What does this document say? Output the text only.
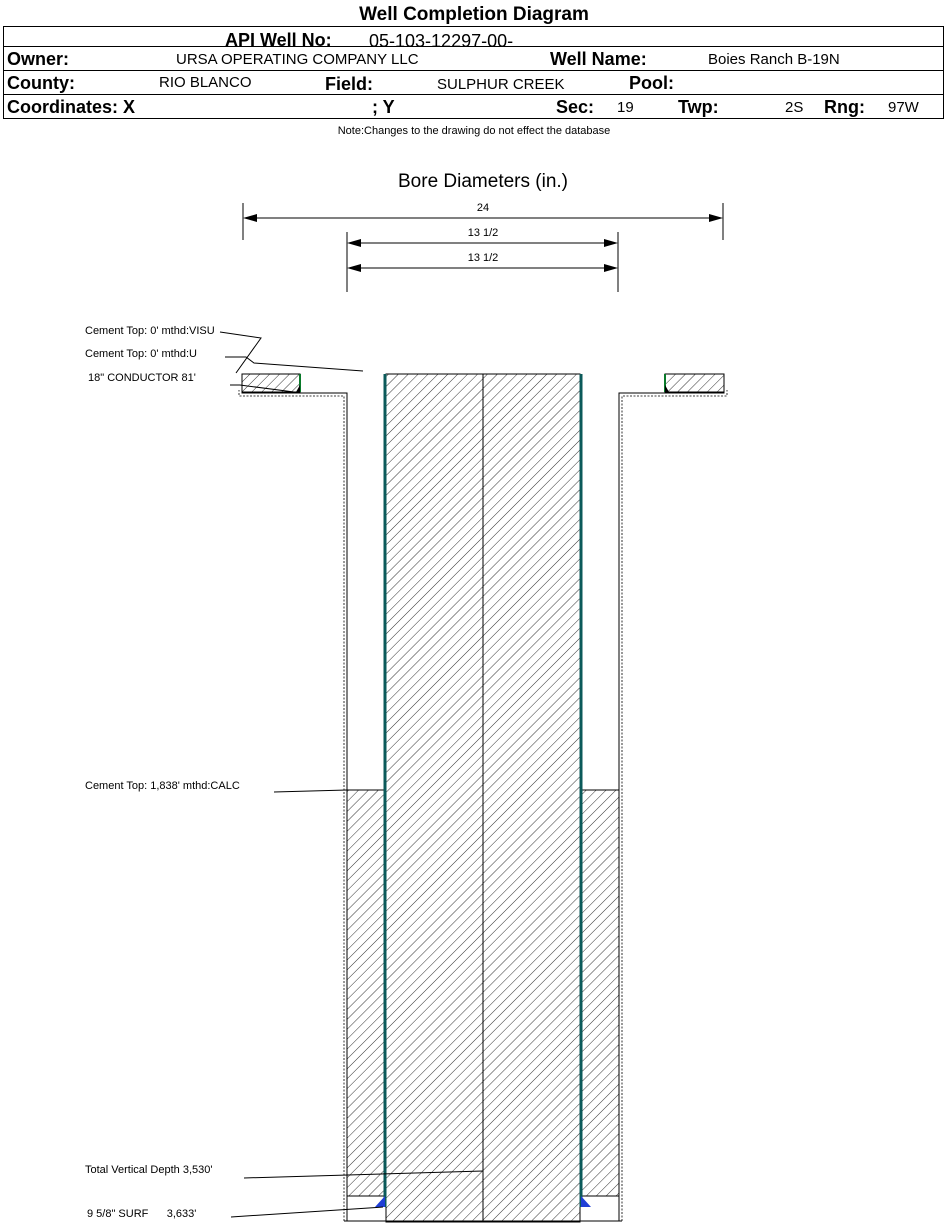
Well Completion Diagram
API Well No: 05-103-12297-00-
Owner:	URSA OPERATING COMPANY LLC	Well Name:	Boies Ranch B-19N
County:	RIO BLANCO	Field:	SULPHUR CREEK	Pool:
Coordinates: X	; Y	Sec: 19 Twp:	2S Rng: 97W
Note:Changes to the drawing do not effect the database
Bore Diameters (in.)
24
13 1/2
13 1/2
Cement Top: 0' mthd:VISU
Cement Top: 0' mthd:U
18" CONDUCTOR 81'
Cement Top: 1,838' mthd:CALC
Total Vertical Depth 3,530'
9 5/8" SURF      3,633'
